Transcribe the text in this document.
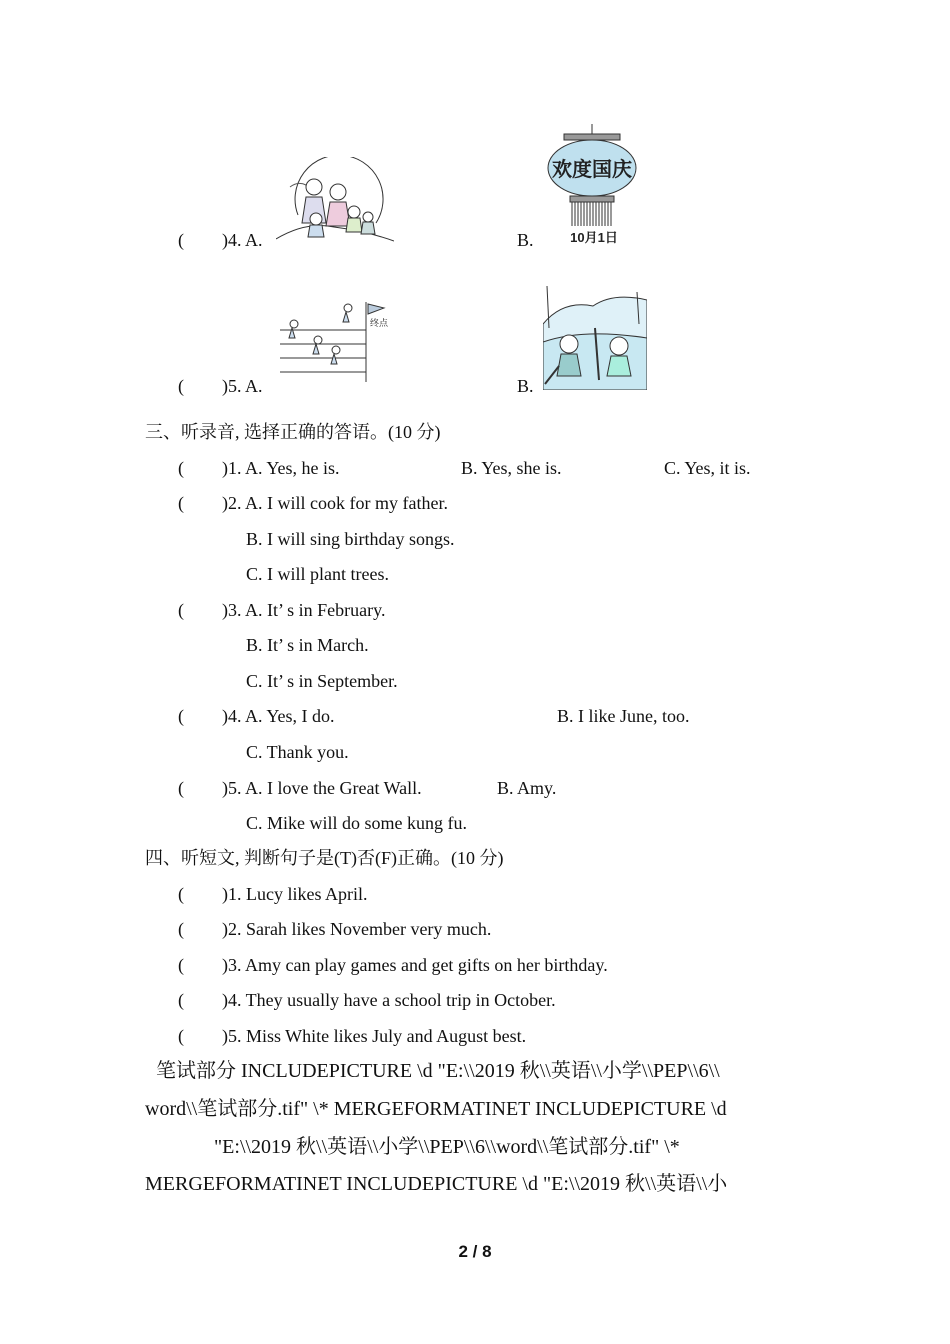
( )4. A.	B.
欢度国庆
10月1日
( )5. A.
终点
B.
三、听录音, 选择正确的答语。(10 分)
( )1. A. Yes, he is.	B. Yes, she is.	C. Yes, it is.
( )2. A. I will cook for my father.
B. I will sing birthday songs.
C. I will plant trees.
( )3. A. It’ s in February.
B. It’ s in March.
C. It’ s in September.
( )4. A. Yes, I do.	B. I like June, too.
C. Thank you.
( )5. A. I love the Great Wall.	B. Amy.
C. Mike will do some kung fu.
四、听短文, 判断句子是(T)否(F)正确。(10 分)
( )1. Lucy likes April.
( )2. Sarah likes November very much.
( )3. Amy can play games and get gifts on her birthday.
( )4. They usually have a school trip in October.
( )5. Miss White likes July and August best.
笔试部分 INCLUDEPICTURE \d "E:\\2019 秋\\英语\\小学\\PEP\\6\\
word\\笔试部分.tif" \* MERGEFORMATINET INCLUDEPICTURE \d
"E:\\2019 秋\\英语\\小学\\PEP\\6\\word\\笔试部分.tif" \*
MERGEFORMATINET INCLUDEPICTURE \d "E:\\2019 秋\\英语\\小
2 / 8
